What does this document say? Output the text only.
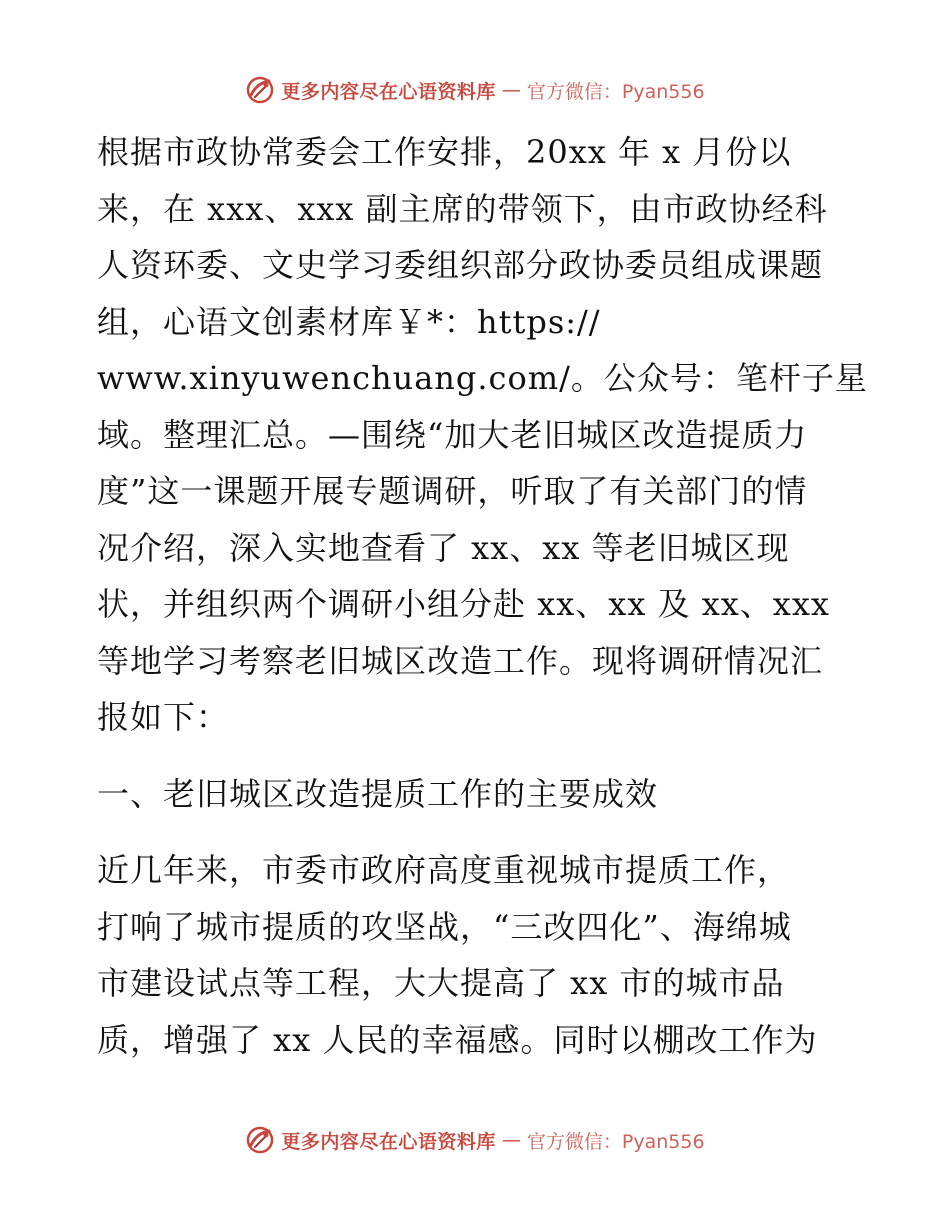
更多内容尽在心语资料库 — 官方微信：Pyan556
根据市政协常委会工作安排，20xx 年 x 月份以
来，在 xxx、xxx 副主席的带领下，由市政协经科
人资环委、文史学习委组织部分政协委员组成课题
组，心语文创素材库￥*：https://
www.xinyuwenchuang.com/。公众号：笔杆子星
域。整理汇总。—围绕“加大老旧城区改造提质力
度”这一课题开展专题调研，听取了有关部门的情
况介绍，深入实地查看了 xx、xx 等老旧城区现
状，并组织两个调研小组分赴 xx、xx 及 xx、xxx
等地学习考察老旧城区改造工作。现将调研情况汇
报如下：
一、老旧城区改造提质工作的主要成效
近几年来，市委市政府高度重视城市提质工作，
打响了城市提质的攻坚战，“三改四化”、海绵城
市建设试点等工程，大大提高了 xx 市的城市品
质，增强了 xx 人民的幸福感。同时以棚改工作为
更多内容尽在心语资料库 — 官方微信：Pyan556
